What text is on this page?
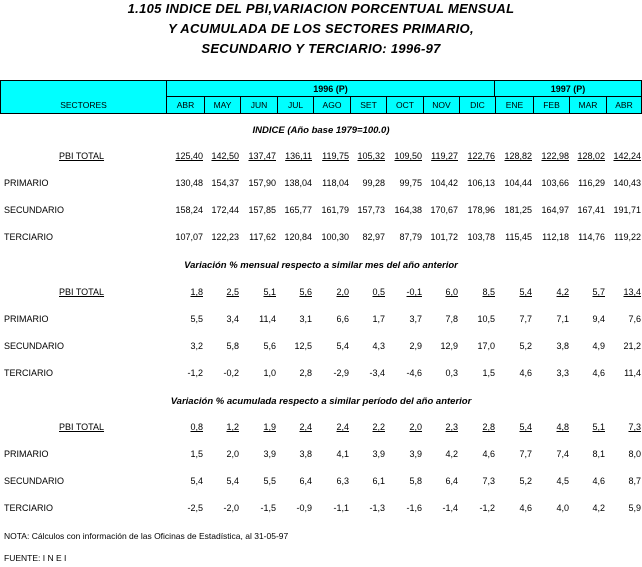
1.105 INDICE DEL PBI,VARIACION PORCENTUAL MENSUAL
Y ACUMULADA DE LOS SECTORES PRIMARIO,
SECUNDARIO Y TERCIARIO: 1996-97
SECTORES
1996 (P)	1997 (P)
ABR MAY JUN JUL AGO SET OCT NOV DIC ENE FEB MAR ABR
INDICE (Año base 1979=100.0)
PBI TOTAL	125,40 142,50	137,47	136,11	119,75 105,32	109,50	119,27	122,76	128,82	122,98 128,02 142,24
PRIMARIO	130,48 154,37	157,90 138,04	118,04	99,28	99,75 104,42	106,13	104,44	103,66	116,29 140,43
SECUNDARIO	158,24 172,44	157,85 165,77	161,79 157,73	164,38 170,67	178,96	181,25	164,97 167,41 191,71
TERCIARIO	107,07 122,23	117,62 120,84	100,30	82,97	87,79 101,72	103,78	115,45	112,18	114,76	119,22
Variación % mensual respecto a similar mes del año anterior
PBI TOTAL	1,8	2,5	5,1	5,6	2,0	0,5	-0,1	6,0	8,5	5,4	4,2	5,7	13,4
PRIMARIO	5,5	3,4	11,4	3,1	6,6	1,7	3,7	7,8	10,5	7,7	7,1	9,4	7,6
SECUNDARIO	3,2	5,8	5,6	12,5	5,4	4,3	2,9	12,9	17,0	5,2	3,8	4,9	21,2
TERCIARIO	-1,2	-0,2	1,0	2,8	-2,9	-3,4	-4,6	0,3	1,5	4,6	3,3	4,6	11,4
Variación % acumulada respecto a similar período del año anterior
PBI TOTAL	0,8	1,2	1,9	2,4	2,4	2,2	2,0	2,3	2,8	5,4	4,8	5,1	7,3
PRIMARIO	1,5	2,0	3,9	3,8	4,1	3,9	3,9	4,2	4,6	7,7	7,4	8,1	8,0
SECUNDARIO	5,4	5,4	5,5	6,4	6,3	6,1	5,8	6,4	7,3	5,2	4,5	4,6	8,7
TERCIARIO	-2,5	-2,0	-1,5	-0,9	-1,1	-1,3	-1,6	-1,4	-1,2	4,6	4,0	4,2	5,9
NOTA: Cálculos con información de las Oficinas de Estadística, al 31-05-97
FUENTE: I N E I
